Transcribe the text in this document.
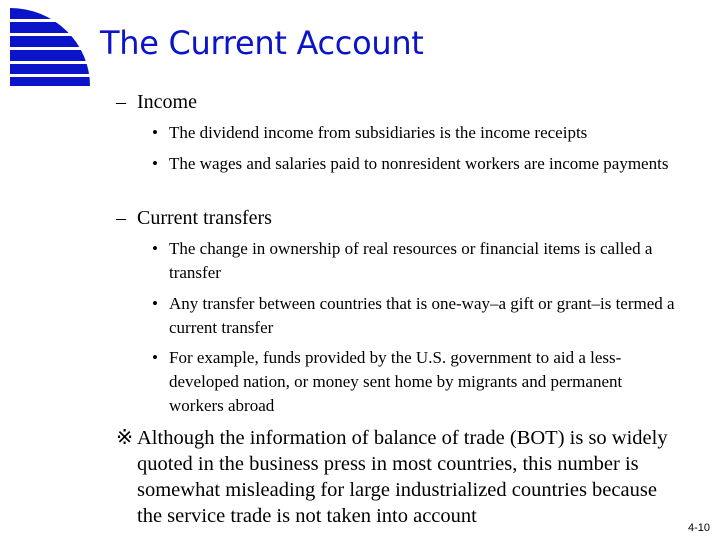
The Current Account
– Income
• The dividend income from subsidiaries is the income receipts
• The wages and salaries paid to nonresident workers are income payments
– Current transfers
• The change in ownership of real resources or financial items is called a transfer
• Any transfer between countries that is one-way–a gift or grant–is termed a current transfer
• For example, funds provided by the U.S. government to aid a less-developed nation, or money sent home by migrants and permanent workers abroad
※ Although the information of balance of trade (BOT) is so widely quoted in the business press in most countries, this number is somewhat misleading for large industrialized countries because the service trade is not taken into account
4-10
